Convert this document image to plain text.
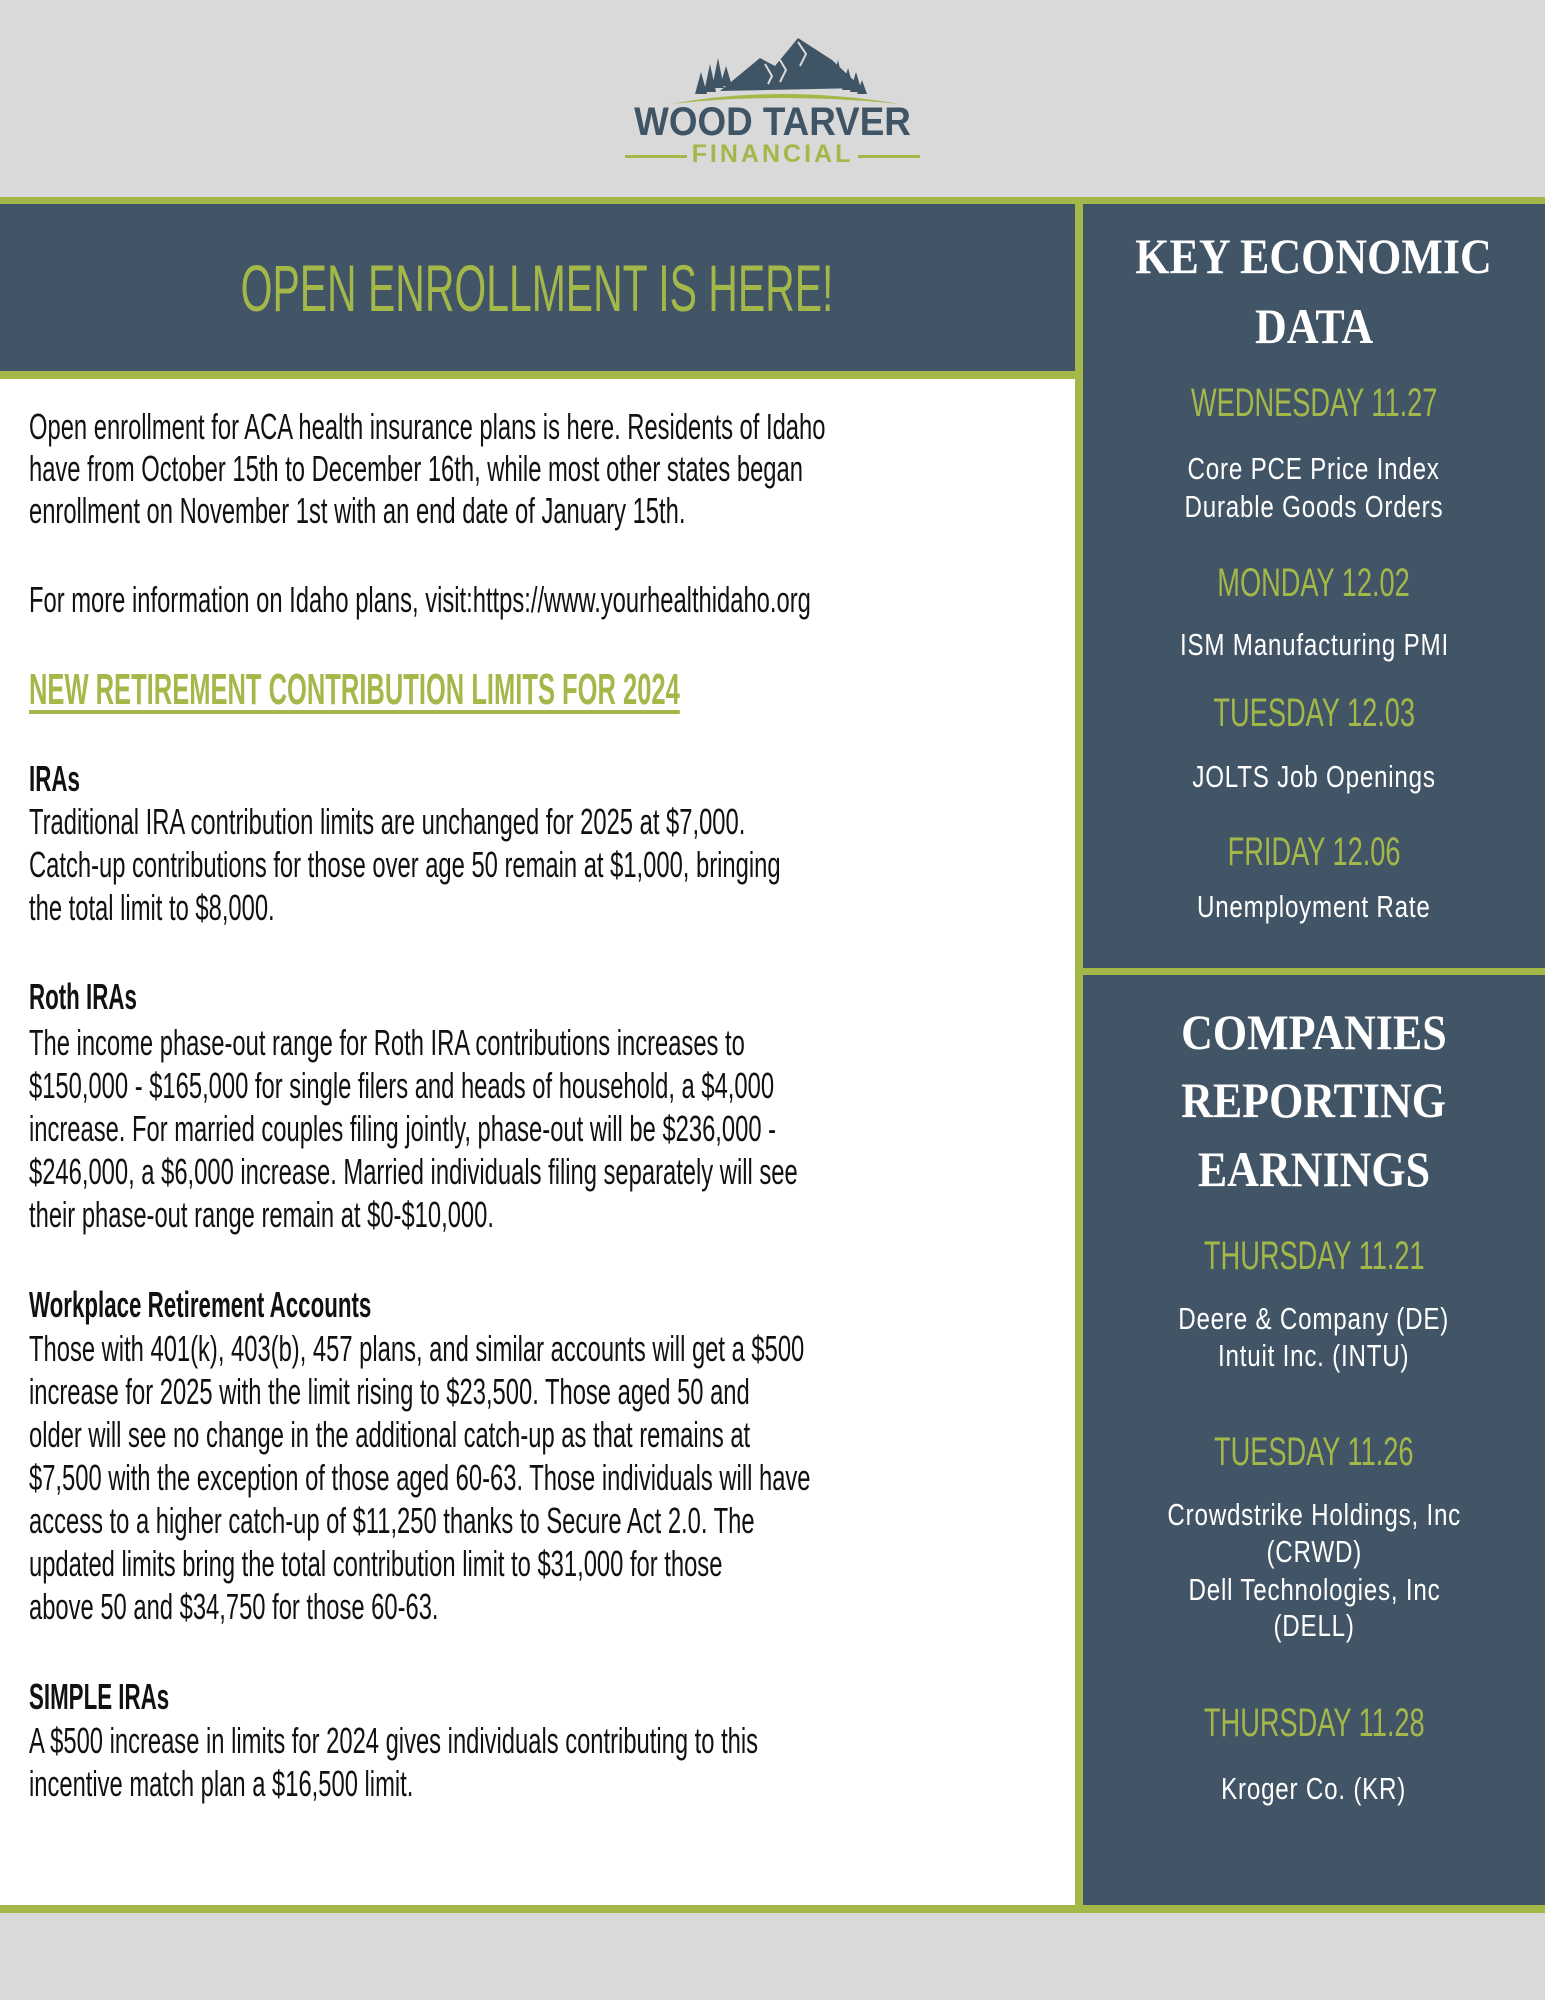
WOOD TARVER
FINANCIAL
OPEN ENROLLMENT IS HERE!
Open enrollment for ACA health insurance plans is here. Residents of Idaho
have from October 15th to December 16th, while most other states began
enrollment on November 1st with an end date of January 15th.
For more information on Idaho plans, visit:https://www.yourhealthidaho.org
NEW RETIREMENT CONTRIBUTION LIMITS FOR 2024
IRAs
Traditional IRA contribution limits are unchanged for 2025 at $7,000.
Catch-up contributions for those over age 50 remain at $1,000, bringing
the total limit to $8,000.
Roth IRAs
The income phase-out range for Roth IRA contributions increases to
$150,000 - $165,000 for single filers and heads of household, a $4,000
increase. For married couples filing jointly, phase-out will be $236,000 -
$246,000, a $6,000 increase. Married individuals filing separately will see
their phase-out range remain at $0-$10,000.
Workplace Retirement Accounts
Those with 401(k), 403(b), 457 plans, and similar accounts will get a $500
increase for 2025 with the limit rising to $23,500. Those aged 50 and
older will see no change in the additional catch-up as that remains at
$7,500 with the exception of those aged 60-63. Those individuals will have
access to a higher catch-up of $11,250 thanks to Secure Act 2.0. The
updated limits bring the total contribution limit to $31,000 for those
above 50 and $34,750 for those 60-63.
SIMPLE IRAs
A $500 increase in limits for 2024 gives individuals contributing to this
incentive match plan a $16,500 limit.
KEY ECONOMIC
DATA
WEDNESDAY 11.27
Core PCE Price Index
Durable Goods Orders
MONDAY 12.02
ISM Manufacturing PMI
TUESDAY 12.03
JOLTS Job Openings
FRIDAY 12.06
Unemployment Rate
COMPANIES
REPORTING
EARNINGS
THURSDAY 11.21
Deere & Company (DE)
Intuit Inc. (INTU)
TUESDAY 11.26
Crowdstrike Holdings, Inc
(CRWD)
Dell Technologies, Inc
(DELL)
THURSDAY 11.28
Kroger Co. (KR)
